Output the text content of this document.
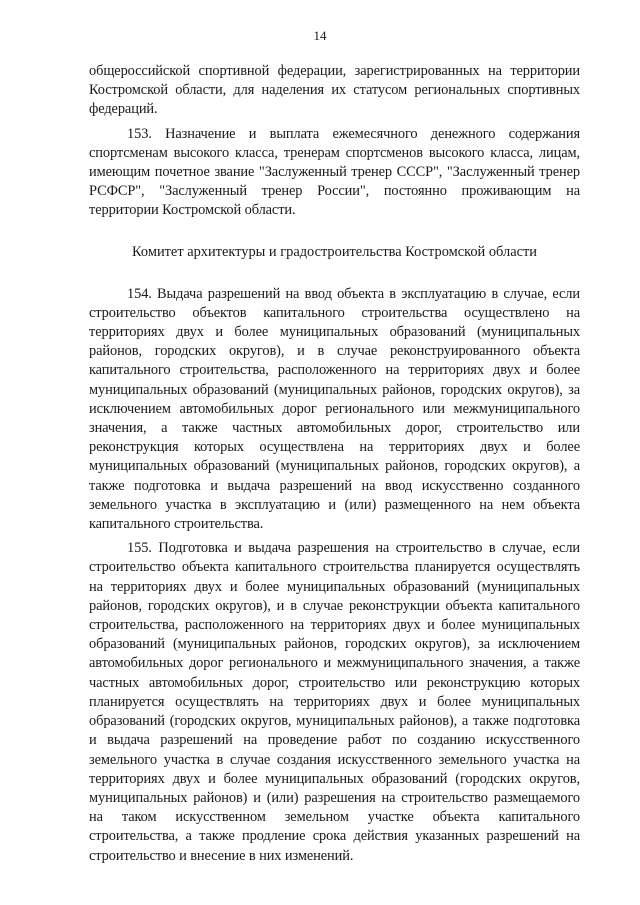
14

общероссийской спортивной федерации, зарегистрированных на территории Костромской области, для наделения их статусом региональных спортивных федераций.

153. Назначение и выплата ежемесячного денежного содержания спортсменам высокого класса, тренерам спортсменов высокого класса, лицам, имеющим почетное звание "Заслуженный тренер СССР", "Заслуженный тренер РСФСР", "Заслуженный тренер России", постоянно проживающим на территории Костромской области.

Комитет архитектуры и градостроительства Костромской области

154. Выдача разрешений на ввод объекта в эксплуатацию в случае, если строительство объектов капитального строительства осуществлено на территориях двух и более муниципальных образований (муниципальных районов, городских округов), и в случае реконструированного объекта капитального строительства, расположенного на территориях двух и более муниципальных образований (муниципальных районов, городских округов), за исключением автомобильных дорог регионального или межмуниципального значения, а также частных автомобильных дорог, строительство или реконструкция которых осуществлена на территориях двух и более муниципальных образований (муниципальных районов, городских округов), а также подготовка и выдача разрешений на ввод искусственно созданного земельного участка в эксплуатацию и (или) размещенного на нем объекта капитального строительства.

155. Подготовка и выдача разрешения на строительство в случае, если строительство объекта капитального строительства планируется осуществлять на территориях двух и более муниципальных образований (муниципальных районов, городских округов), и в случае реконструкции объекта капитального строительства, расположенного на территориях двух и более муниципальных образований (муниципальных районов, городских округов), за исключением автомобильных дорог регионального и межмуниципального значения, а также частных автомобильных дорог, строительство или реконструкцию которых планируется осуществлять на территориях двух и более муниципальных образований (городских округов, муниципальных районов), а также подготовка и выдача разрешений на проведение работ по созданию искусственного земельного участка в случае создания искусственного земельного участка на территориях двух и более муниципальных образований (городских округов, муниципальных районов) и (или) разрешения на строительство размещаемого на таком искусственном земельном участке объекта капитального строительства, а также продление срока действия указанных разрешений на строительство и внесение в них изменений.
